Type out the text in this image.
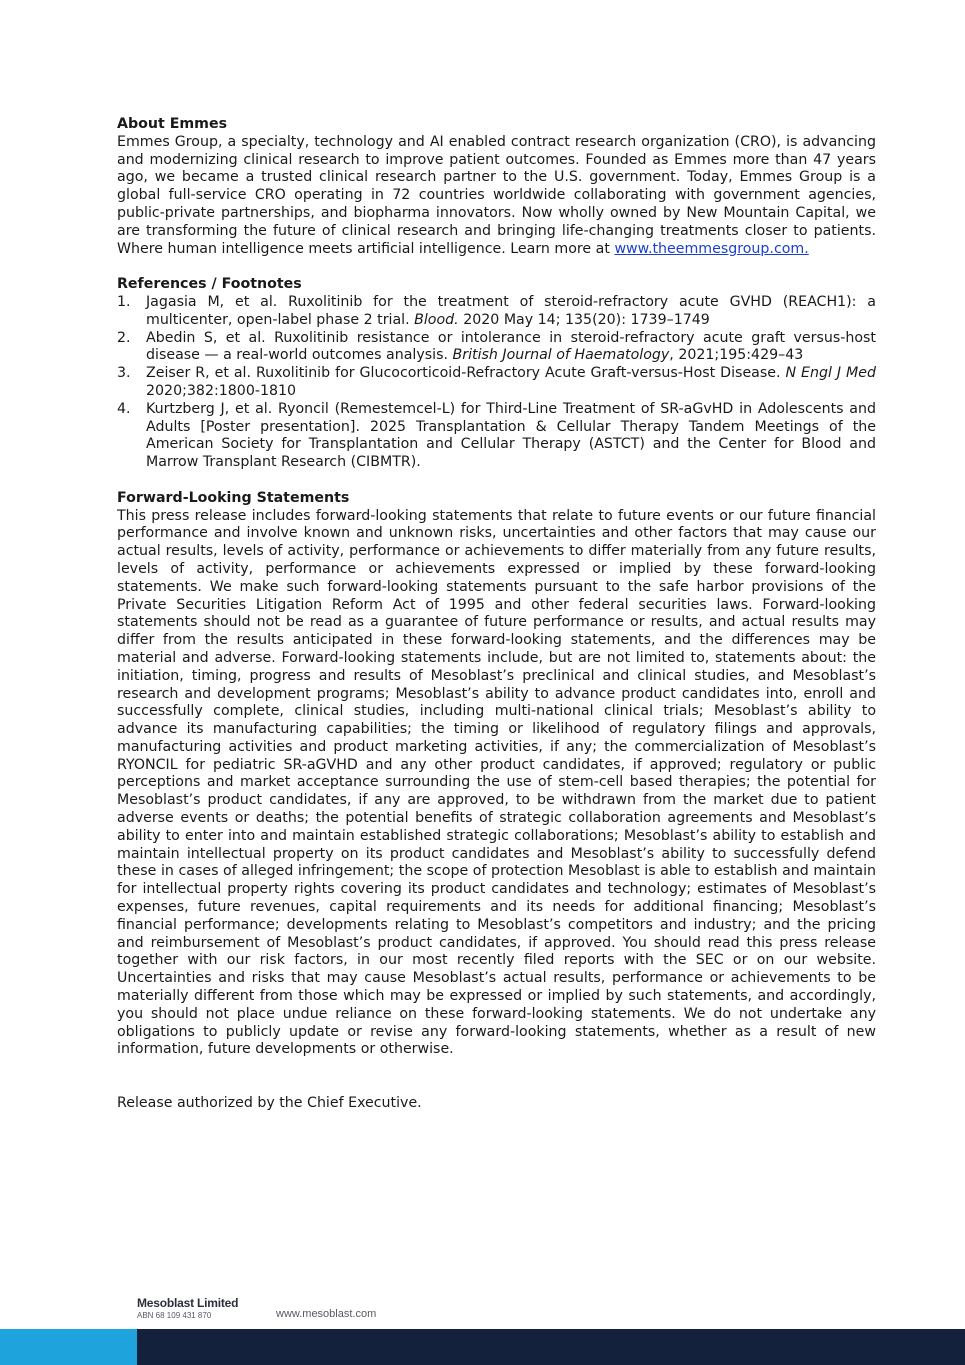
About Emmes

Emmes Group, a specialty, technology and AI enabled contract research organization (CRO), is advancing and modernizing clinical research to improve patient outcomes. Founded as Emmes more than 47 years ago, we became a trusted clinical research partner to the U.S. government. Today, Emmes Group is a global full-service CRO operating in 72 countries worldwide collaborating with government agencies, public-private partnerships, and biopharma innovators. Now wholly owned by New Mountain Capital, we are transforming the future of clinical research and bringing life-changing treatments closer to patients. Where human intelligence meets artificial intelligence. Learn more at www.theemmesgroup.com.

References / Footnotes

1. Jagasia M, et al. Ruxolitinib for the treatment of steroid-refractory acute GVHD (REACH1): a multicenter, open-label phase 2 trial. Blood. 2020 May 14; 135(20): 1739–1749
2. Abedin S, et al. Ruxolitinib resistance or intolerance in steroid-refractory acute graft versus-host disease — a real-world outcomes analysis. British Journal of Haematology, 2021;195:429–43
3. Zeiser R, et al. Ruxolitinib for Glucocorticoid-Refractory Acute Graft-versus-Host Disease. N Engl J Med 2020;382:1800-1810
4. Kurtzberg J, et al. Ryoncil (Remestemcel-L) for Third-Line Treatment of SR-aGvHD in Adolescents and Adults [Poster presentation]. 2025 Transplantation & Cellular Therapy Tandem Meetings of the American Society for Transplantation and Cellular Therapy (ASTCT) and the Center for Blood and Marrow Transplant Research (CIBMTR).

Forward-Looking Statements

This press release includes forward-looking statements that relate to future events or our future financial performance and involve known and unknown risks, uncertainties and other factors that may cause our actual results, levels of activity, performance or achievements to differ materially from any future results, levels of activity, performance or achievements expressed or implied by these forward-looking statements. We make such forward-looking statements pursuant to the safe harbor provisions of the Private Securities Litigation Reform Act of 1995 and other federal securities laws. Forward-looking statements should not be read as a guarantee of future performance or results, and actual results may differ from the results anticipated in these forward-looking statements, and the differences may be material and adverse. Forward-looking statements include, but are not limited to, statements about: the initiation, timing, progress and results of Mesoblast’s preclinical and clinical studies, and Mesoblast’s research and development programs; Mesoblast’s ability to advance product candidates into, enroll and successfully complete, clinical studies, including multi-national clinical trials; Mesoblast’s ability to advance its manufacturing capabilities; the timing or likelihood of regulatory filings and approvals, manufacturing activities and product marketing activities, if any; the commercialization of Mesoblast’s RYONCIL for pediatric SR-aGVHD and any other product candidates, if approved; regulatory or public perceptions and market acceptance surrounding the use of stem-cell based therapies; the potential for Mesoblast’s product candidates, if any are approved, to be withdrawn from the market due to patient adverse events or deaths; the potential benefits of strategic collaboration agreements and Mesoblast’s ability to enter into and maintain established strategic collaborations; Mesoblast’s ability to establish and maintain intellectual property on its product candidates and Mesoblast’s ability to successfully defend these in cases of alleged infringement; the scope of protection Mesoblast is able to establish and maintain for intellectual property rights covering its product candidates and technology; estimates of Mesoblast’s expenses, future revenues, capital requirements and its needs for additional financing; Mesoblast’s financial performance; developments relating to Mesoblast’s competitors and industry; and the pricing and reimbursement of Mesoblast’s product candidates, if approved. You should read this press release together with our risk factors, in our most recently filed reports with the SEC or on our website. Uncertainties and risks that may cause Mesoblast’s actual results, performance or achievements to be materially different from those which may be expressed or implied by such statements, and accordingly, you should not place undue reliance on these forward-looking statements. We do not undertake any obligations to publicly update or revise any forward-looking statements, whether as a result of new information, future developments or otherwise.

Release authorized by the Chief Executive.

Mesoblast Limited
ABN 68 109 431 870	www.mesoblast.com
